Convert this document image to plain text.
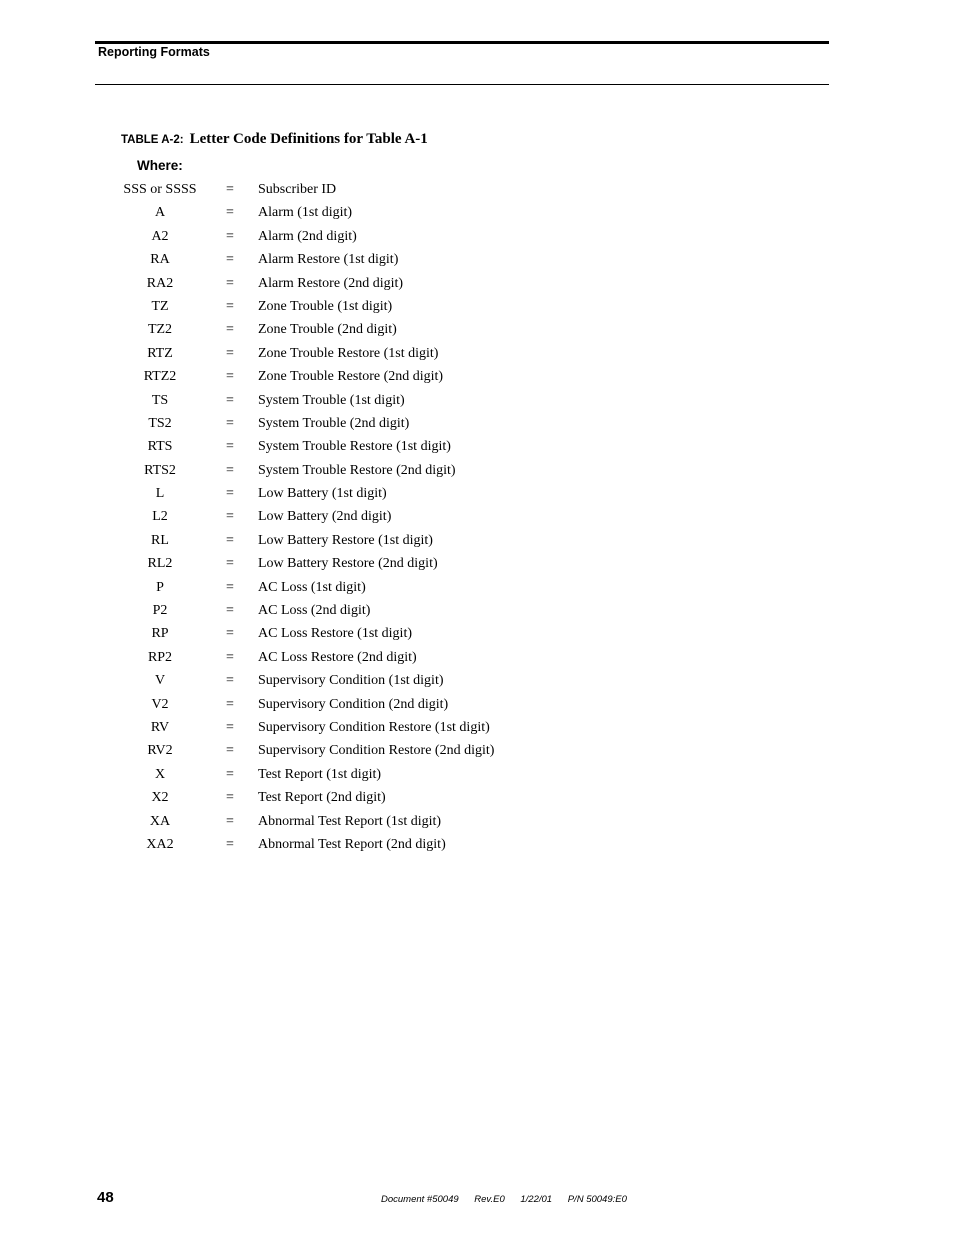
Reporting Formats
TABLE A-2: Letter Code Definitions for Table A-1
Where:
SSS or SSSS	= Subscriber ID
A	= Alarm (1st digit)
A2	= Alarm (2nd digit)
RA	= Alarm Restore (1st digit)
RA2	= Alarm Restore (2nd digit)
TZ	= Zone Trouble (1st digit)
TZ2	= Zone Trouble (2nd digit)
RTZ	= Zone Trouble Restore (1st digit)
RTZ2	= Zone Trouble Restore (2nd digit)
TS	= System Trouble (1st digit)
TS2	= System Trouble (2nd digit)
RTS	= System Trouble Restore (1st digit)
RTS2	= System Trouble Restore (2nd digit)
L	= Low Battery (1st digit)
L2	= Low Battery (2nd digit)
RL	= Low Battery Restore (1st digit)
RL2	= Low Battery Restore (2nd digit)
P	= AC Loss (1st digit)
P2	= AC Loss (2nd digit)
RP	= AC Loss Restore (1st digit)
RP2	= AC Loss Restore (2nd digit)
V	= Supervisory Condition (1st digit)
V2	= Supervisory Condition (2nd digit)
RV	= Supervisory Condition Restore (1st digit)
RV2	= Supervisory Condition Restore (2nd digit)
X	= Test Report (1st digit)
X2	= Test Report (2nd digit)
XA	= Abnormal Test Report (1st digit)
XA2	= Abnormal Test Report (2nd digit)
48	Document #50049 Rev.E0 1/22/01 P/N 50049:E0
